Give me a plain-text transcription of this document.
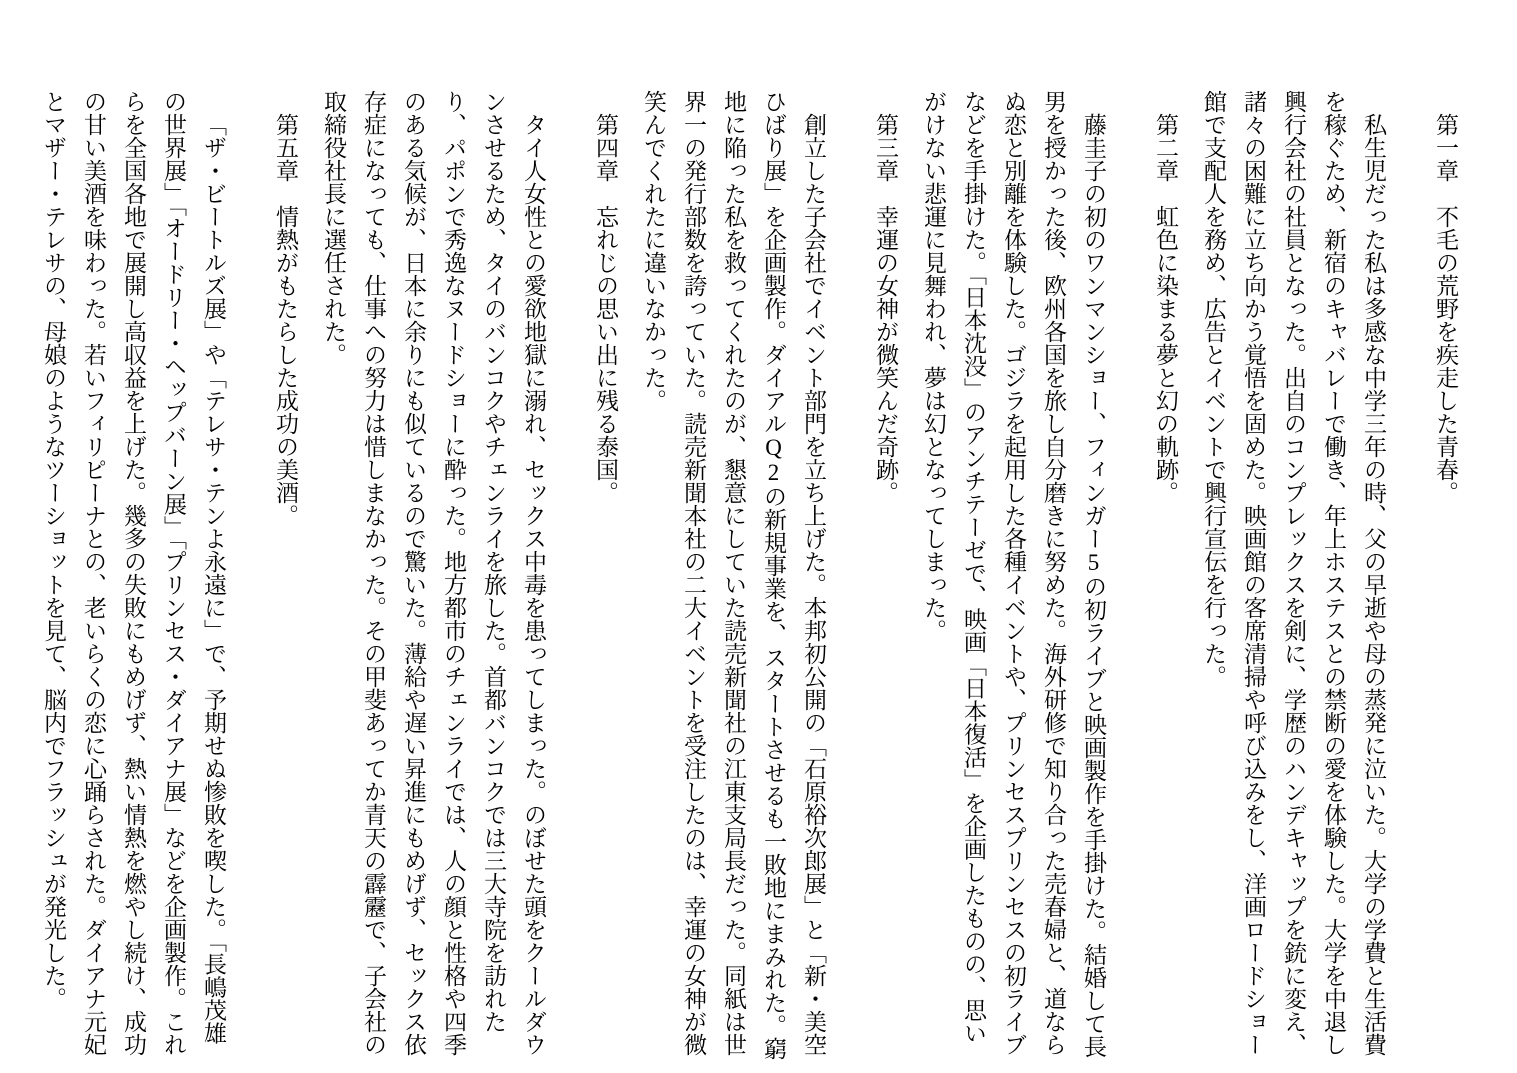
第一章　不毛の荒野を疾走した青春。

私生児だった私は多感な中学三年の時、父の早逝や母の蒸発に泣いた。大学の学費と生活費を稼ぐため、新宿のキャバレーで働き、年上ホステスとの禁断の愛を体験した。大学を中退し興行会社の社員となった。出自のコンプレックスを剣に、学歴のハンデキャップを銃に変え、諸々の困難に立ち向かう覚悟を固めた。映画館の客席清掃や呼び込みをし、洋画ロードショー館で支配人を務め、広告とイベントで興行宣伝を行った。

第二章　虹色に染まる夢と幻の軌跡。

藤圭子の初のワンマンショー、フィンガー5の初ライブと映画製作を手掛けた。結婚して長男を授かった後、欧州各国を旅し自分磨きに努めた。海外研修で知り合った売春婦と、道ならぬ恋と別離を体験した。ゴジラを起用した各種イベントや、プリンセスプリンセスの初ライブなどを手掛けた。「日本沈没」のアンチテーゼで、映画「日本復活」を企画したものの、思いがけない悲運に見舞われ、夢は幻となってしまった。

第三章　幸運の女神が微笑んだ奇跡。

創立した子会社でイベント部門を立ち上げた。本邦初公開の「石原裕次郎展」と「新・美空ひばり展」を企画製作。ダイアルQ2の新規事業を、スタートさせるも一敗地にまみれた。窮地に陥った私を救ってくれたのが、懇意にしていた読売新聞社の江東支局長だった。同紙は世界一の発行部数を誇っていた。読売新聞本社の二大イベントを受注したのは、幸運の女神が微笑んでくれたに違いなかった。

第四章　忘れじの思い出に残る泰国。

タイ人女性との愛欲地獄に溺れ、セックス中毒を患ってしまった。のぼせた頭をクールダウンさせるため、タイのバンコクやチェンライを旅した。首都バンコクでは三大寺院を訪れたり、パポンで秀逸なヌードショーに酔った。地方都市のチェンライでは、人の顔と性格や四季のある気候が、日本に余りにも似ているので驚いた。薄給や遅い昇進にもめげず、セックス依存症になっても、仕事への努力は惜しまなかった。その甲斐あってか青天の霹靂で、子会社の取締役社長に選任された。

第五章　情熱がもたらした成功の美酒。

「ザ・ビートルズ展」や「テレサ・テンよ永遠に」で、予期せぬ惨敗を喫した。「長嶋茂雄の世界展」「オードリー・ヘップバーン展」「プリンセス・ダイアナ展」などを企画製作。これらを全国各地で展開し高収益を上げた。幾多の失敗にもめげず、熱い情熱を燃やし続け、成功の甘い美酒を味わった。若いフィリピーナとの、老いらくの恋に心踊らされた。ダイアナ元妃とマザー・テレサの、母娘のようなツーショットを見て、脳内でフラッシュが発光した。
